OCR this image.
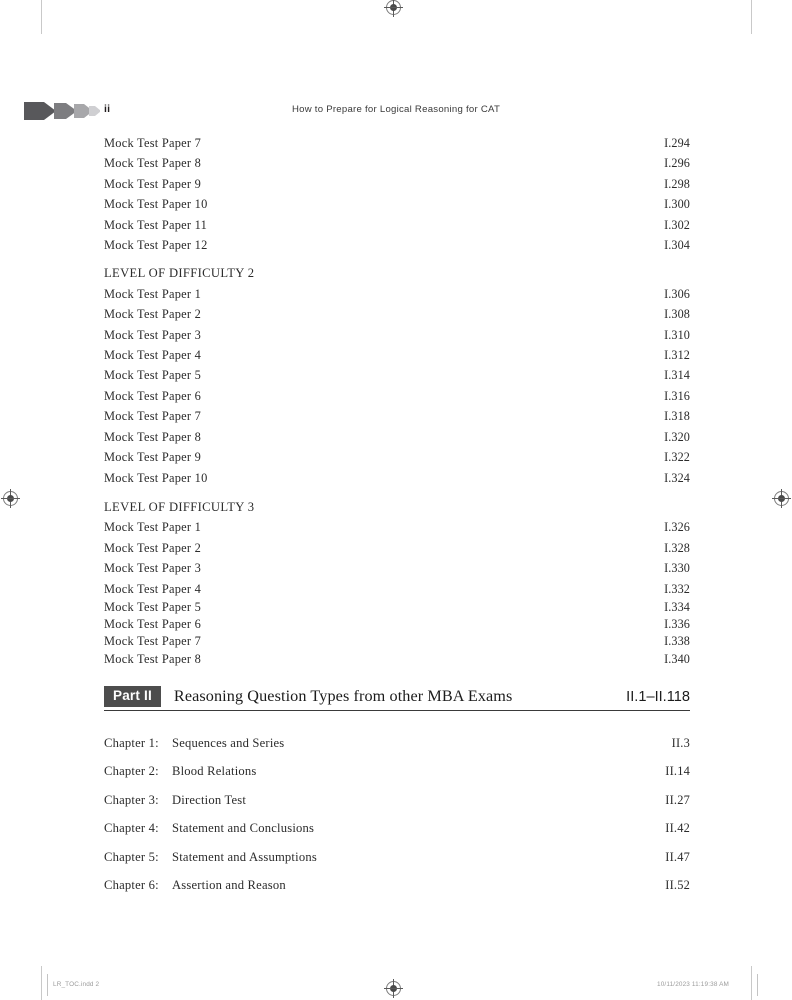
ii	How to Prepare for Logical Reasoning for CAT
Mock Test Paper 7	I.294
Mock Test Paper 8	I.296
Mock Test Paper 9	I.298
Mock Test Paper 10	I.300
Mock Test Paper 11	I.302
Mock Test Paper 12	I.304
LEVEL OF DIFFICULTY 2
Mock Test Paper 1	I.306
Mock Test Paper 2	I.308
Mock Test Paper 3	I.310
Mock Test Paper 4	I.312
Mock Test Paper 5	I.314
Mock Test Paper 6	I.316
Mock Test Paper 7	I.318
Mock Test Paper 8	I.320
Mock Test Paper 9	I.322
Mock Test Paper 10	I.324
LEVEL OF DIFFICULTY 3
Mock Test Paper 1	I.326
Mock Test Paper 2	I.328
Mock Test Paper 3	I.330
Mock Test Paper 4	I.332
Mock Test Paper 5	I.334
Mock Test Paper 6	I.336
Mock Test Paper 7	I.338
Mock Test Paper 8	I.340
Part II	Reasoning Question Types from other MBA Exams	II.1–II.118
Chapter 1:	Sequences and Series	II.3
Chapter 2:	Blood Relations	II.14
Chapter 3:	Direction Test	II.27
Chapter 4:	Statement and Conclusions	II.42
Chapter 5:	Statement and Assumptions	II.47
Chapter 6:	Assertion and Reason	II.52
LR_TOC.indd 2	10/11/2023 11:19:38 AM
